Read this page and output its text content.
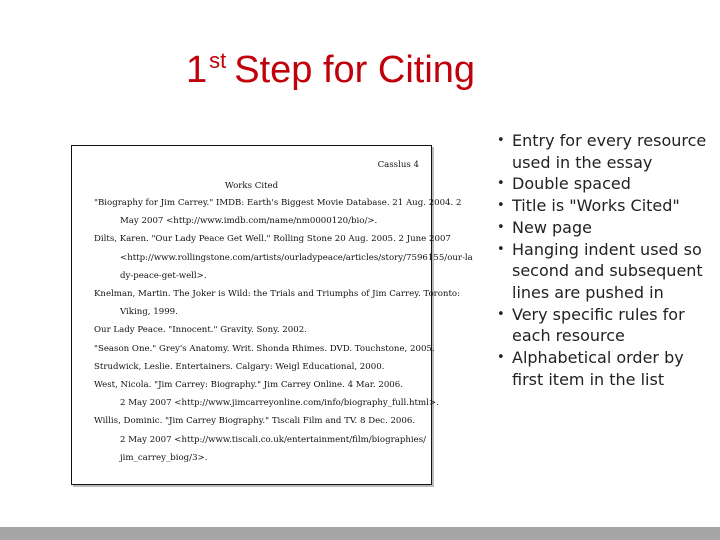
1st Step for Citing
Casslus 4
Works Cited
"Biography for Jim Carrey." IMDB: Earth's Biggest Movie Database. 21 Aug. 2004. 2
May 2007 <http://www.imdb.com/name/nm0000120/bio/>.
Dilts, Karen. "Our Lady Peace Get Well." Rolling Stone 20 Aug. 2005. 2 June 2007
<http://www.rollingstone.com/artists/ourladypeace/articles/story/7596155/our-la
dy-peace-get-well>.
Knelman, Martin. The Joker is Wild: the Trials and Triumphs of Jim Carrey. Toronto:
Viking, 1999.
Our Lady Peace. "Innocent." Gravity. Sony. 2002.
"Season One." Grey's Anatomy. Writ. Shonda Rhimes. DVD. Touchstone, 2005.
Strudwick, Leslie. Entertainers. Calgary: Weigl Educational, 2000.
West, Nicola. "Jim Carrey: Biography." Jim Carrey Online. 4 Mar. 2006.
2 May 2007 <http://www.jimcarreyonline.com/info/biography_full.html>.
Willis, Dominic. "Jim Carrey Biography." Tiscali Film and TV. 8 Dec. 2006.
2 May 2007 <http://www.tiscali.co.uk/entertainment/film/biographies/
jim_carrey_biog/3>.
• Entry for every resource used in the essay
• Double spaced
• Title is "Works Cited"
• New page
• Hanging indent used so second and subsequent lines are pushed in
• Very specific rules for each resource
• Alphabetical order by first item in the list
